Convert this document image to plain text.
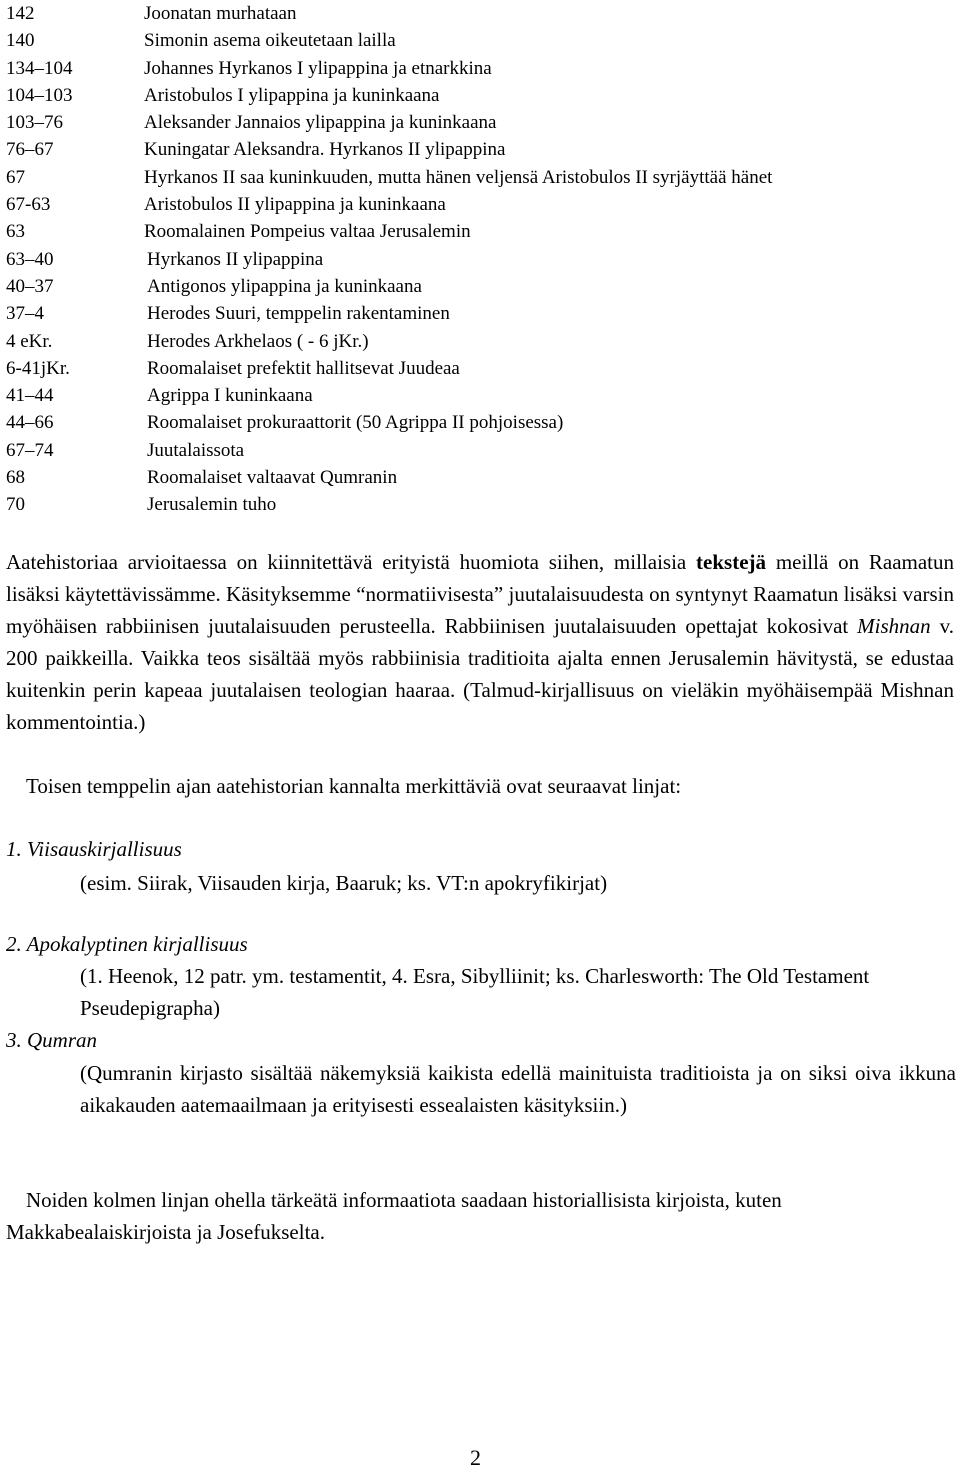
142	Joonatan murhataan
140	Simonin asema oikeutetaan lailla
134–104	Johannes Hyrkanos I ylipappina ja etnarkkina
104–103	Aristobulos I ylipappina ja kuninkaana
103–76	Aleksander Jannaios ylipappina ja kuninkaana
76–67	Kuningatar Aleksandra. Hyrkanos II ylipappina
67	Hyrkanos II saa kuninkuuden, mutta hänen veljensä Aristobulos II syrjäyttää hänet
67-63	Aristobulos II ylipappina ja kuninkaana
63	Roomalainen Pompeius valtaa Jerusalemin
63–40	Hyrkanos II ylipappina
40–37	Antigonos ylipappina ja kuninkaana
37–4	Herodes Suuri, temppelin rakentaminen
4 eKr.	Herodes Arkhelaos ( - 6 jKr.)
6-41jKr.	Roomalaiset prefektit hallitsevat Juudeaa
41–44	Agrippa I kuninkaana
44–66	Roomalaiset prokuraattorit (50 Agrippa II pohjoisessa)
67–74	Juutalaissota
68	Roomalaiset valtaavat Qumranin
70	Jerusalemin tuho

Aatehistoriaa arvioitaessa on kiinnitettävä erityistä huomiota siihen, millaisia tekstejä meillä on Raamatun lisäksi käytettävissämme. Käsityksemme “normatiivisesta” juutalaisuudesta on syntynyt Raamatun lisäksi varsin myöhäisen rabbiinisen juutalaisuuden perusteella. Rabbiinisen juutalaisuuden opettajat kokosivat Mishnan v. 200 paikkeilla. Vaikka teos sisältää myös rabbiinisia traditioita ajalta ennen Jerusalemin hävitystä, se edustaa kuitenkin perin kapeaa juutalaisen teologian haaraa. (Talmud-kirjallisuus on vieläkin myöhäisempää Mishnan kommentointia.)

Toisen temppelin ajan aatehistorian kannalta merkittäviä ovat seuraavat linjat:
1. Viisauskirjallisuus
(esim. Siirak, Viisauden kirja, Baaruk; ks. VT:n apokryfikirjat)
2. Apokalyptinen kirjallisuus
(1. Heenok, 12 patr. ym. testamentit, 4. Esra, Sibylliinit; ks. Charlesworth: The Old Testament Pseudepigrapha)
3. Qumran
(Qumranin kirjasto sisältää näkemyksiä kaikista edellä mainituista traditioista ja on siksi oiva ikkuna aikakauden aatemaailmaan ja erityisesti essealaisten käsityksiin.)

Noiden kolmen linjan ohella tärkeätä informaatiota saadaan historiallisista kirjoista, kuten Makkabealaiskirjoista ja Josefukselta.

2
